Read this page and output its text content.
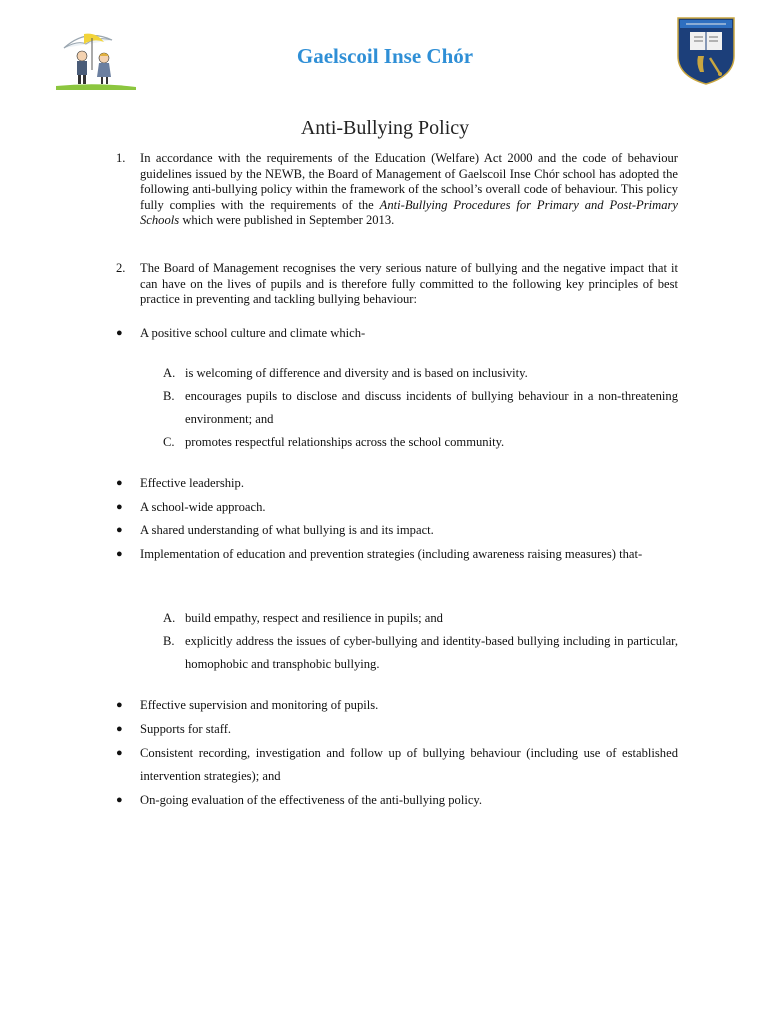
Gaelscoil Inse Chór
Anti-Bullying Policy
1. In accordance with the requirements of the Education (Welfare) Act 2000 and the code of behaviour guidelines issued by the NEWB, the Board of Management of Gaelscoil Inse Chór school has adopted the following anti-bullying policy within the framework of the school’s overall code of behaviour. This policy fully complies with the requirements of the Anti-Bullying Procedures for Primary and Post-Primary Schools which were published in September 2013.
2. The Board of Management recognises the very serious nature of bullying and the negative impact that it can have on the lives of pupils and is therefore fully committed to the following key principles of best practice in preventing and tackling bullying behaviour:
● A positive school culture and climate which-
A. is welcoming of difference and diversity and is based on inclusivity.
B. encourages pupils to disclose and discuss incidents of bullying behaviour in a non-threatening environment; and
C. promotes respectful relationships across the school community.
● Effective leadership.
● A school-wide approach.
● A shared understanding of what bullying is and its impact.
● Implementation of education and prevention strategies (including awareness raising measures) that-
A. build empathy, respect and resilience in pupils; and
B. explicitly address the issues of cyber-bullying and identity-based bullying including in particular, homophobic and transphobic bullying.
● Effective supervision and monitoring of pupils.
● Supports for staff.
● Consistent recording, investigation and follow up of bullying behaviour (including use of established intervention strategies); and
● On-going evaluation of the effectiveness of the anti-bullying policy.
